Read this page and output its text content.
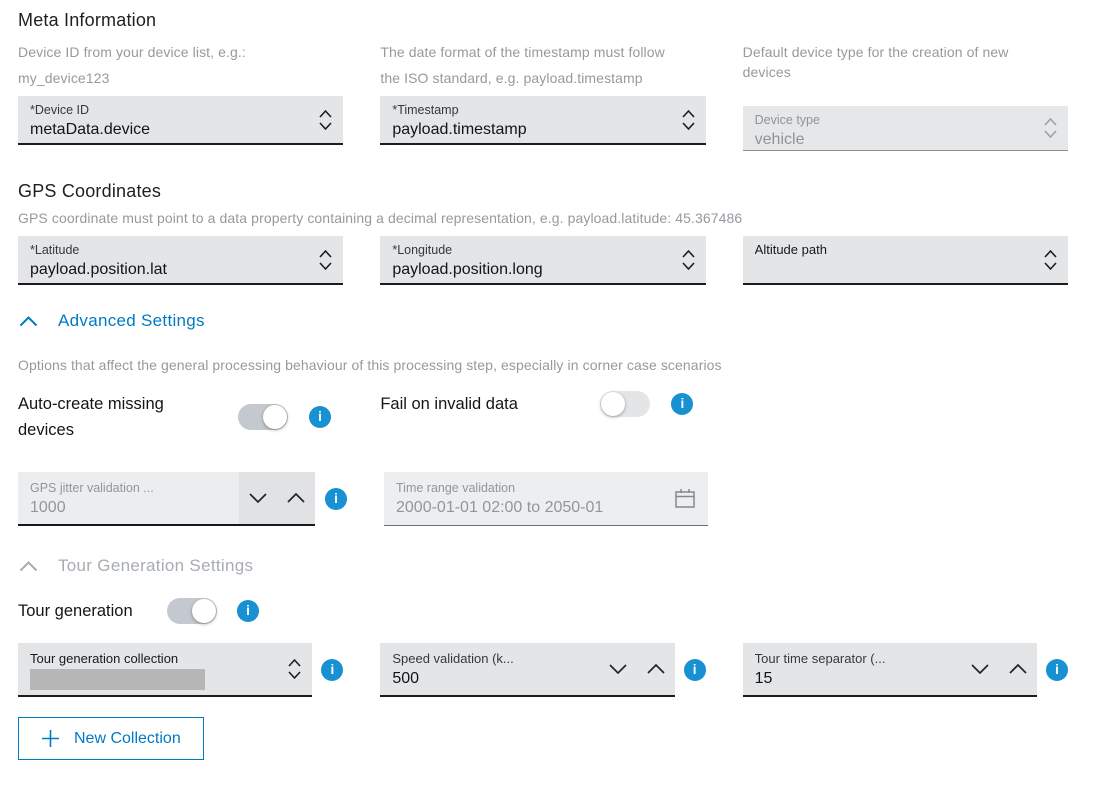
Meta Information
Device ID from your device list, e.g.:
my_device123
*Device ID
metaData.device
The date format of the timestamp must follow
the ISO standard, e.g. payload.timestamp
*Timestamp
payload.timestamp
Default device type for the creation of new
devices
Device type
vehicle
GPS Coordinates
GPS coordinate must point to a data property containing a decimal representation, e.g. payload.latitude: 45.367486
*Latitude
payload.position.lat
*Longitude
payload.position.long
Altitude path
Advanced Settings
Options that affect the general processing behaviour of this processing step, especially in corner case scenarios
Auto-create missing devices
i
Fail on invalid data	i
GPS jitter validation ...
1000
i
Time range validation
2000-01-01 02:00 to 2050-01
Tour Generation Settings
Tour generation	i
Tour generation collection
i
Speed validation (k...
500
i
Tour time separator (...
15
i
New Collection
